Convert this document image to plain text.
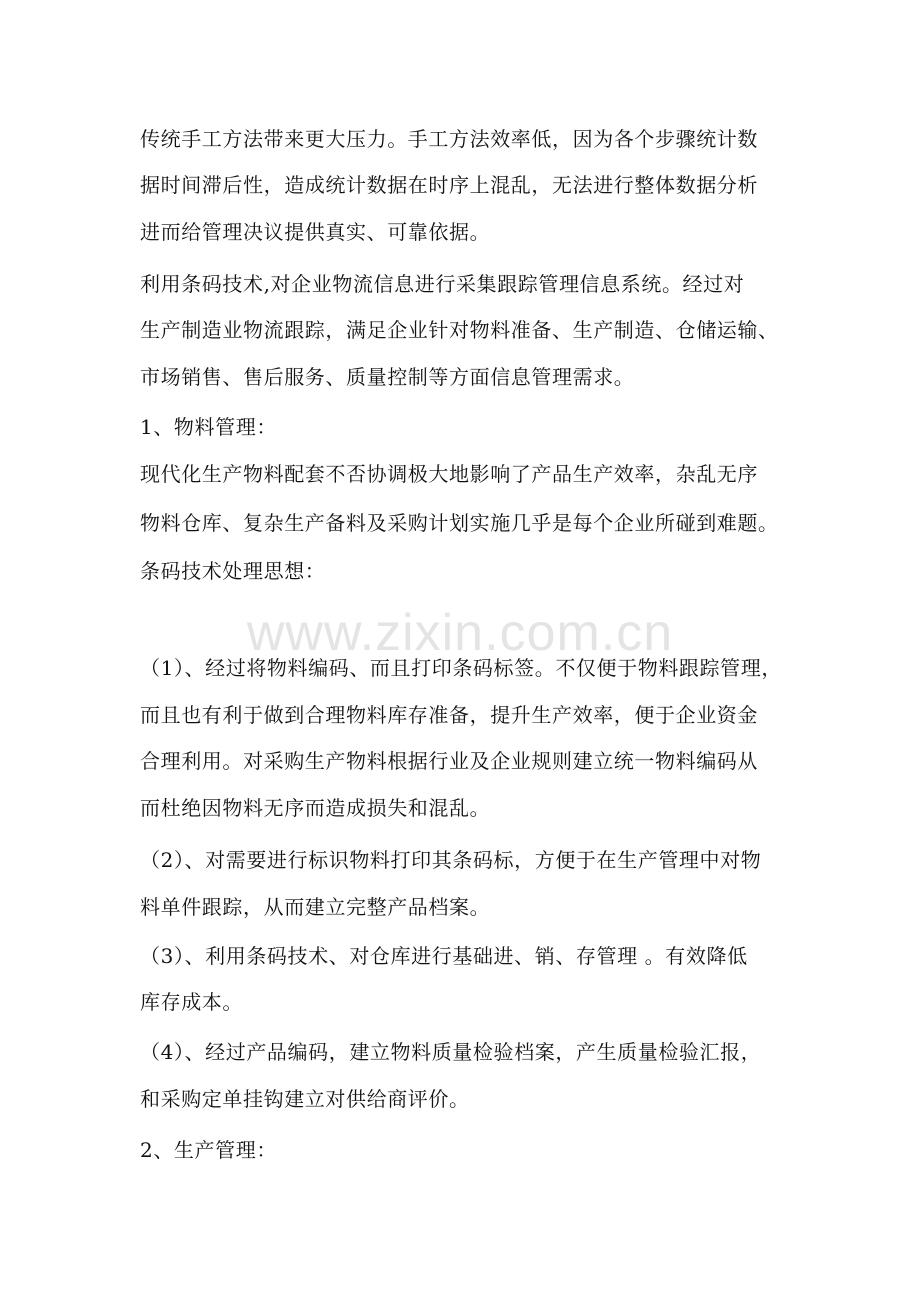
www.zixin.com.cn
传统手工方法带来更大压力。手工方法效率低，因为各个步骤统计数
据时间滞后性，造成统计数据在时序上混乱，无法进行整体数据分析
进而给管理决议提供真实、可靠依据。
利用条码技术,对企业物流信息进行采集跟踪管理信息系统。经过对
生产制造业物流跟踪，满足企业针对物料准备、生产制造、仓储运输、
市场销售、售后服务、质量控制等方面信息管理需求。
1、物料管理：
现代化生产物料配套不否协调极大地影响了产品生产效率，杂乱无序
物料仓库、复杂生产备料及采购计划实施几乎是每个企业所碰到难题。
条码技术处理思想：
（1）、经过将物料编码、而且打印条码标签。不仅便于物料跟踪管理，
而且也有利于做到合理物料库存准备，提升生产效率，便于企业资金
合理利用。对采购生产物料根据行业及企业规则建立统一物料编码从
而杜绝因物料无序而造成损失和混乱。
（2）、对需要进行标识物料打印其条码标，方便于在生产管理中对物
料单件跟踪，从而建立完整产品档案。
（3）、利用条码技术、对仓库进行基础进、销、存管理 。有效降低
库存成本。
（4）、经过产品编码，建立物料质量检验档案，产生质量检验汇报，
和采购定单挂钩建立对供给商评价。
2、生产管理：
